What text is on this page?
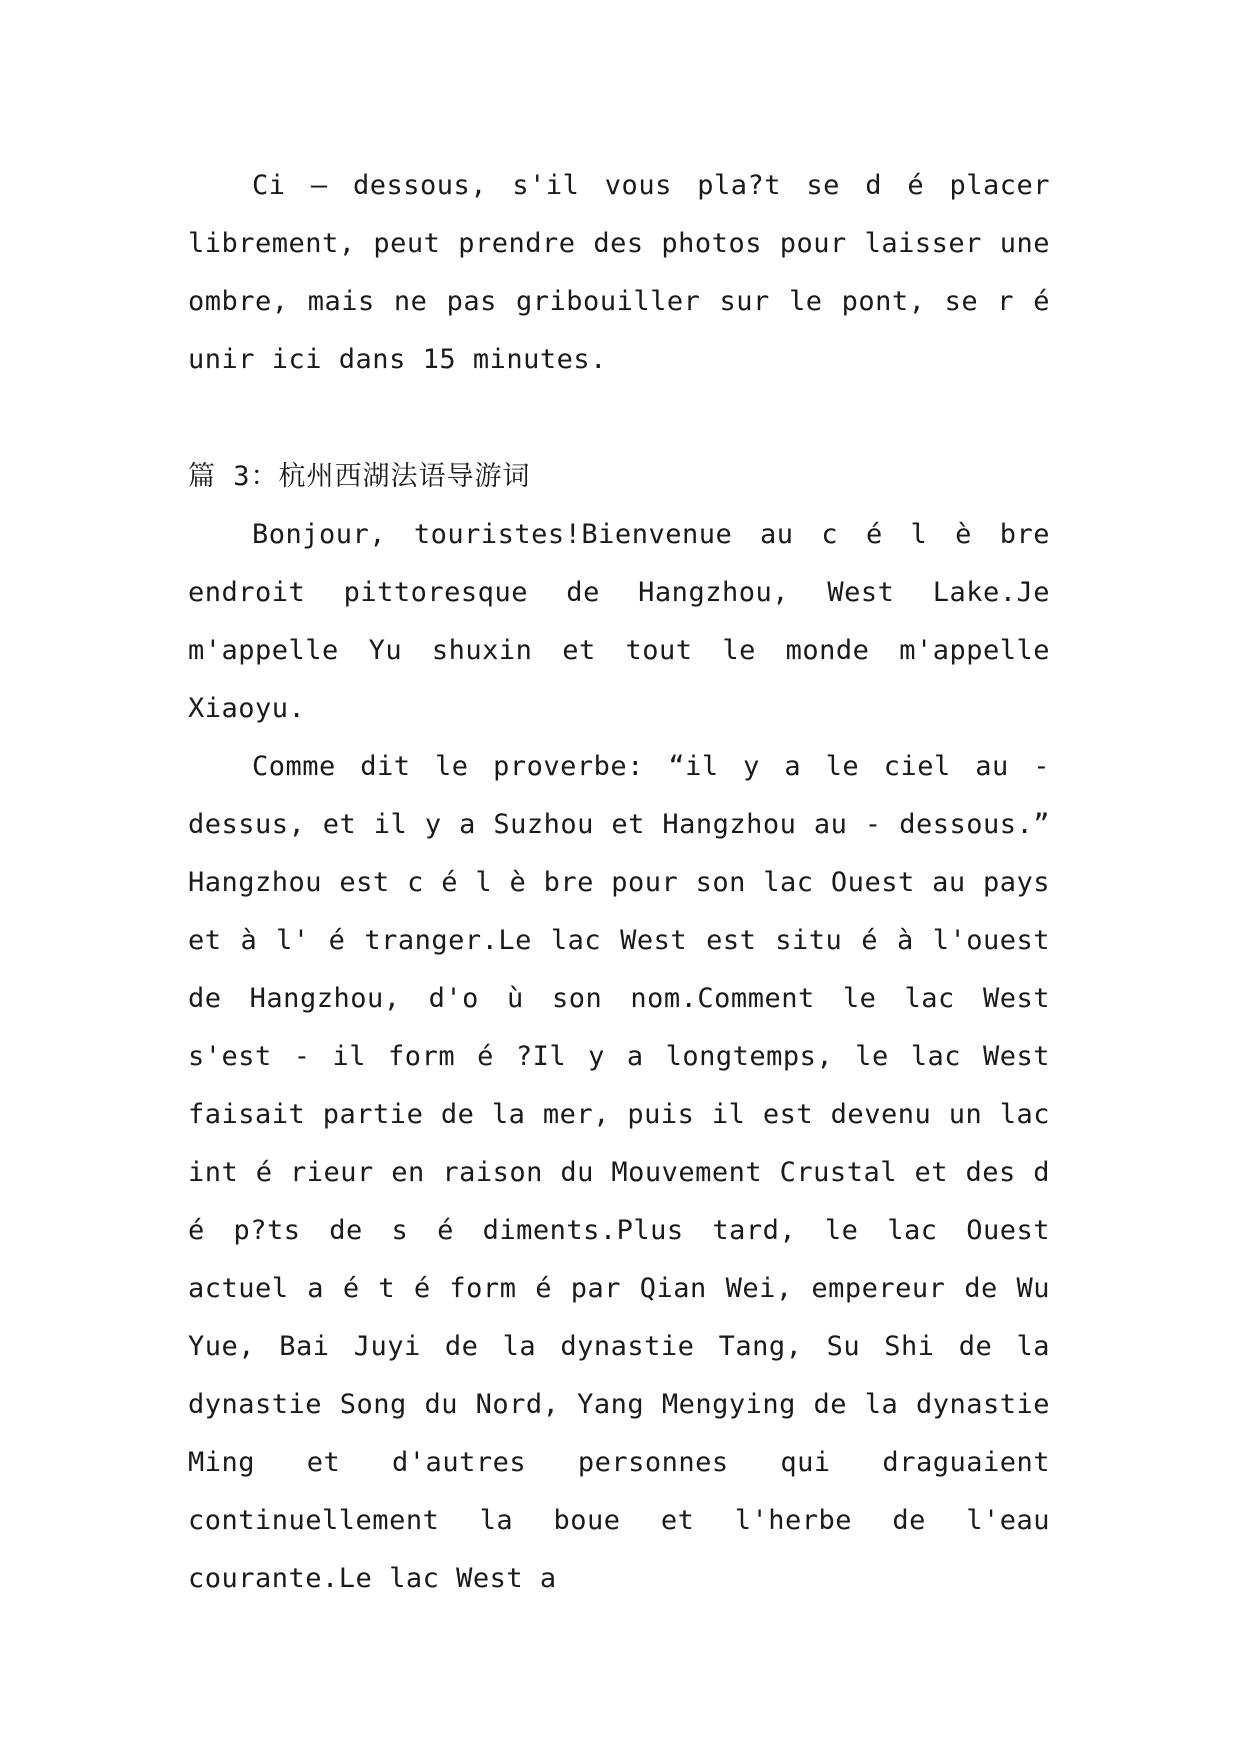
Ci – dessous, s'il vous pla?t se d é placer librement, peut prendre des photos pour laisser une ombre, mais ne pas gribouiller sur le pont, se r é unir ici dans 15 minutes.

篇 3：杭州西湖法语导游词

Bonjour, touristes!Bienvenue au c é l è bre endroit pittoresque de Hangzhou, West Lake.Je m'appelle Yu shuxin et tout le monde m'appelle Xiaoyu.

Comme dit le proverbe: “il y a le ciel au - dessus, et il y a Suzhou et Hangzhou au - dessous.” Hangzhou est c é l è bre pour son lac Ouest au pays et à l' é tranger.Le lac West est situ é à l'ouest de Hangzhou, d'o ù son nom.Comment le lac West s'est - il form é ?Il y a longtemps, le lac West faisait partie de la mer, puis il est devenu un lac int é rieur en raison du Mouvement Crustal et des d é p?ts de s é diments.Plus tard, le lac Ouest actuel a é t é form é par Qian Wei, empereur de Wu Yue, Bai Juyi de la dynastie Tang, Su Shi de la dynastie Song du Nord, Yang Mengying de la dynastie Ming et d'autres personnes qui draguaient continuellement la boue et l'herbe de l'eau courante.Le lac West a
